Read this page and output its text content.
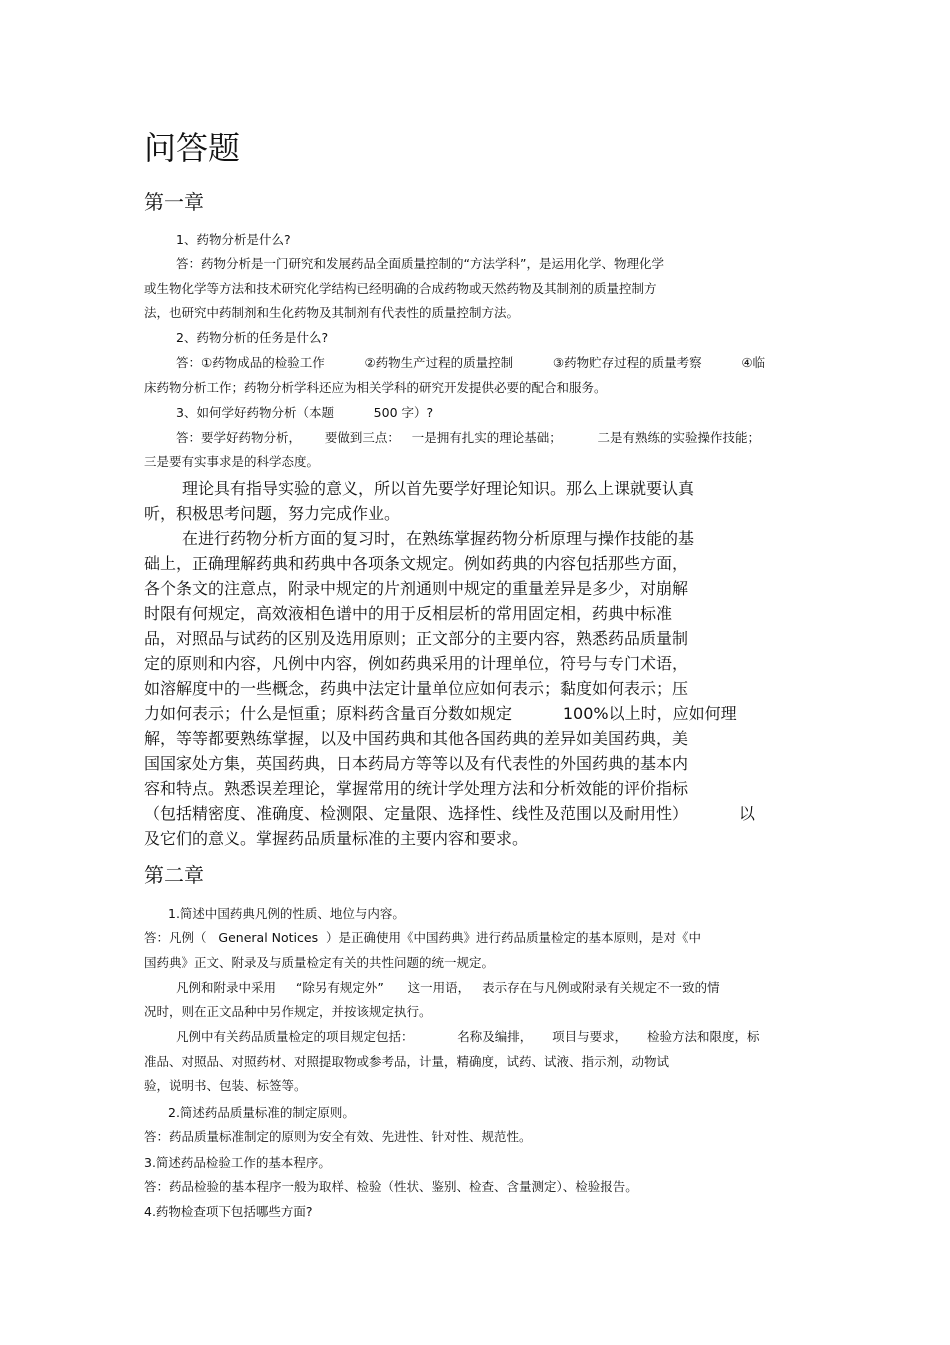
问答题
第一章
1、药物分析是什么?
答：药物分析是一门研究和发展药品全面质量控制的“方法学科”，是运用化学、物理化学
或生物化学等方法和技术研究化学结构已经明确的合成药物或天然药物及其制剂的质量控制方
法，也研究中药制剂和生化药物及其制剂有代表性的质量控制方法。
2、药物分析的任务是什么?
答：①药物成品的检验工作          ②药物生产过程的质量控制          ③药物贮存过程的质量考察          ④临
床药物分析工作；药物分析学科还应为相关学科的研究开发提供必要的配合和服务。
3、如何学好药物分析（本题          500 字）?
答：要学好药物分析，      要做到三点：   一是拥有扎实的理论基础；         二是有熟练的实验操作技能；
三是要有实事求是的科学态度。
理论具有指导实验的意义，所以首先要学好理论知识。那么上课就要认真
听，积极思考问题，努力完成作业。
在进行药物分析方面的复习时，在熟练掌握药物分析原理与操作技能的基
础上，正确理解药典和药典中各项条文规定。例如药典的内容包括那些方面，
各个条文的注意点，附录中规定的片剂通则中规定的重量差异是多少，对崩解
时限有何规定，高效液相色谱中的用于反相层析的常用固定相，药典中标准
品，对照品与试药的区别及选用原则；正文部分的主要内容，熟悉药品质量制
定的原则和内容，凡例中内容，例如药典采用的计理单位，符号与专门术语，
如溶解度中的一些概念，药典中法定计量单位应如何表示；黏度如何表示；压
力如何表示；什么是恒重；原料药含量百分数如规定          100%以上时，应如何理
解，等等都要熟练掌握，以及中国药典和其他各国药典的差异如美国药典，美
国国家处方集，英国药典，日本药局方等等以及有代表性的外国药典的基本内
容和特点。熟悉误差理论，掌握常用的统计学处理方法和分析效能的评价指标
（包括精密度、准确度、检测限、定量限、选择性、线性及范围以及耐用性）          以
及它们的意义。掌握药品质量标准的主要内容和要求。
第二章
1.简述中国药典凡例的性质、地位与内容。
答：凡例（   General Notices  ）是正确使用《中国药典》进行药品质量检定的基本原则，是对《中
国药典》正文、附录及与质量检定有关的共性问题的统一规定。
凡例和附录中采用     “除另有规定外”      这一用语，   表示存在与凡例或附录有关规定不一致的情
况时，则在正文品种中另作规定，并按该规定执行。
凡例中有关药品质量检定的项目规定包括：           名称及编排，     项目与要求，     检验方法和限度，标
准品、对照品、对照药材、对照提取物或参考品，计量，精确度，试药、试液、指示剂，动物试
验，说明书、包装、标签等。
2.简述药品质量标准的制定原则。
答：药品质量标准制定的原则为安全有效、先进性、针对性、规范性。
3.简述药品检验工作的基本程序。
答：药品检验的基本程序一般为取样、检验（性状、鉴别、检查、含量测定）、检验报告。
4.药物检查项下包括哪些方面?
